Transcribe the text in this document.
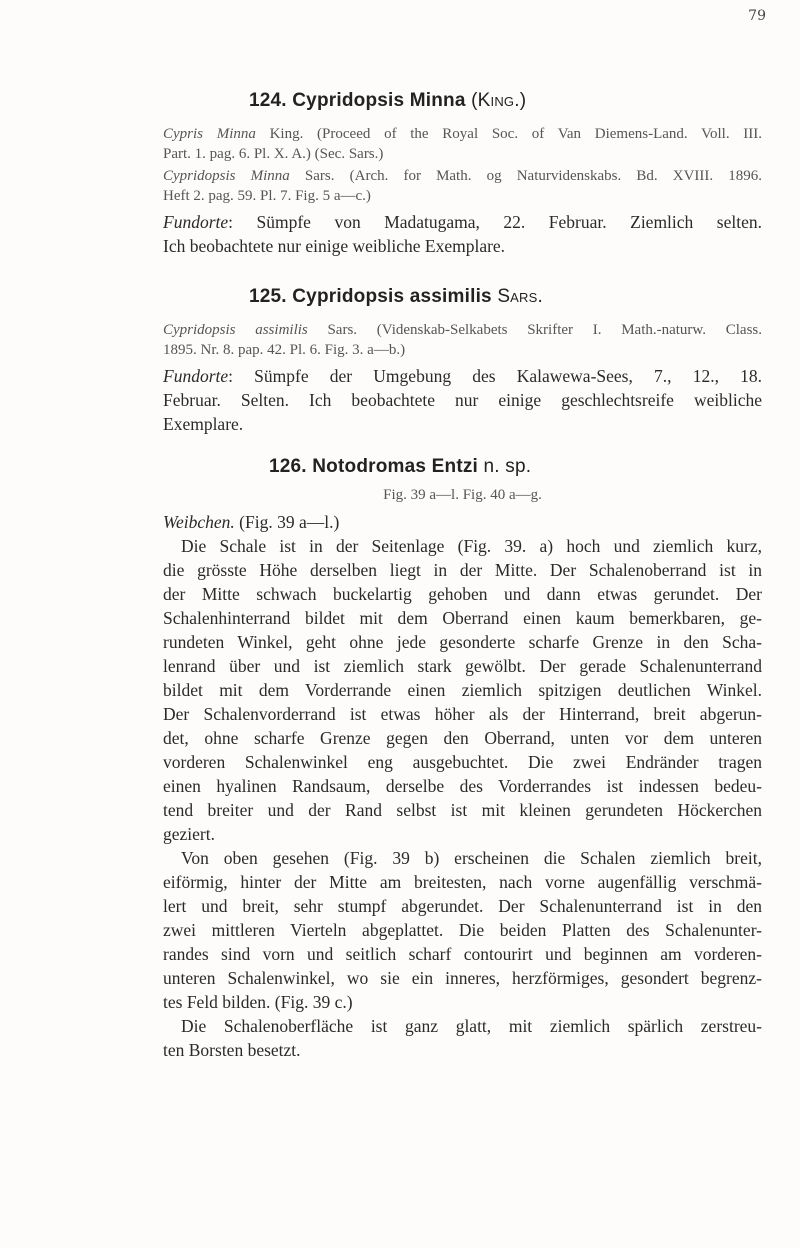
79
124. Cypridopsis Minna (King.)
Cypris Minna King. (Proceed of the Royal Soc. of Van Diemens-Land. Voll. III.
Part. 1. pag. 6. Pl. X. A.) (Sec. Sars.)
Cypridopsis Minna Sars. (Arch. for Math. og Naturvidenskabs. Bd. XVIII. 1896.
Heft 2. pag. 59. Pl. 7. Fig. 5 a—c.)
Fundorte: Sümpfe von Madatugama, 22. Februar. Ziemlich selten.
Ich beobachtete nur einige weibliche Exemplare.
125. Cypridopsis assimilis Sars.
Cypridopsis assimilis Sars. (Videnskab-Selkabets Skrifter I. Math.-naturw. Class.
1895. Nr. 8. pap. 42. Pl. 6. Fig. 3. a—b.)
Fundorte: Sümpfe der Umgebung des Kalawewa-Sees, 7., 12., 18.
Februar. Selten. Ich beobachtete nur einige geschlechtsreife weibliche
Exemplare.
126. Notodromas Entzi n. sp.
Fig. 39 a—l. Fig. 40 a—g.
Weibchen. (Fig. 39 a—l.)
Die Schale ist in der Seitenlage (Fig. 39. a) hoch und ziemlich kurz,
die grösste Höhe derselben liegt in der Mitte. Der Schalenoberrand ist in
der Mitte schwach buckelartig gehoben und dann etwas gerundet. Der
Schalenhinterrand bildet mit dem Oberrand einen kaum bemerkbaren, ge-
rundeten Winkel, geht ohne jede gesonderte scharfe Grenze in den Scha-
lenrand über und ist ziemlich stark gewölbt. Der gerade Schalenunterrand
bildet mit dem Vorderrande einen ziemlich spitzigen deutlichen Winkel.
Der Schalenvorderrand ist etwas höher als der Hinterrand, breit abgerun-
det, ohne scharfe Grenze gegen den Oberrand, unten vor dem unteren
vorderen Schalenwinkel eng ausgebuchtet. Die zwei Endränder tragen
einen hyalinen Randsaum, derselbe des Vorderrandes ist indessen bedeu-
tend breiter und der Rand selbst ist mit kleinen gerundeten Höckerchen
geziert.
Von oben gesehen (Fig. 39 b) erscheinen die Schalen ziemlich breit,
eiförmig, hinter der Mitte am breitesten, nach vorne augenfällig verschmä-
lert und breit, sehr stumpf abgerundet. Der Schalenunterrand ist in den
zwei mittleren Vierteln abgeplattet. Die beiden Platten des Schalenunter-
randes sind vorn und seitlich scharf contourirt und beginnen am vorderen-
unteren Schalenwinkel, wo sie ein inneres, herzförmiges, gesondert begrenz-
tes Feld bilden. (Fig. 39 c.)
Die Schalenoberfläche ist ganz glatt, mit ziemlich spärlich zerstreu-
ten Borsten besetzt.
